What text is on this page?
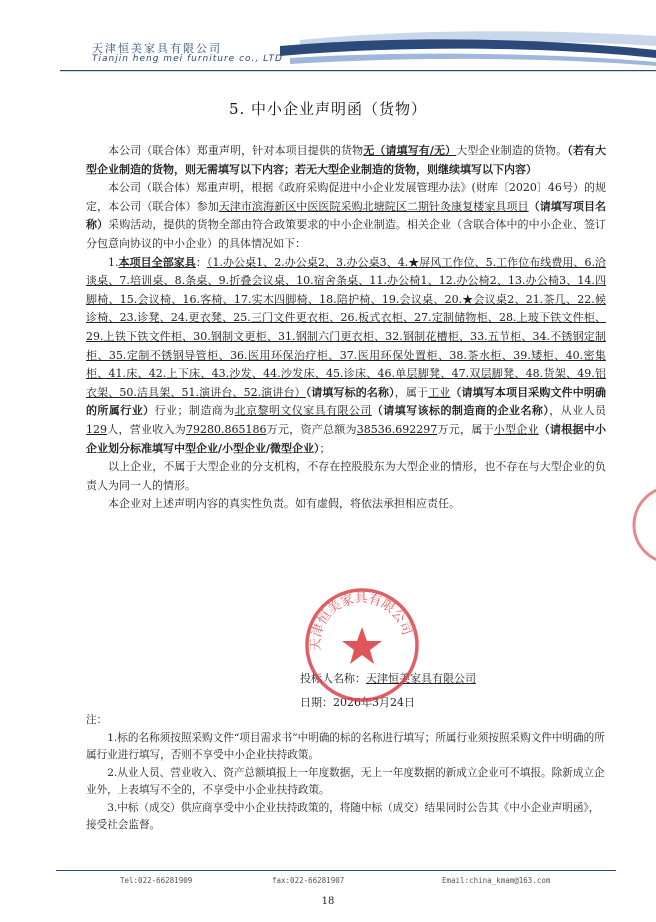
天津恒美家具有限公司
Tianjin heng mei furniture co., LTD
5. 中小企业声明函（货物）

本公司（联合体）郑重声明，针对本项目提供的货物无（请填写有/无）大型企业制造的货物。（若有大型企业制造的货物，则无需填写以下内容；若无大型企业制造的货物，则继续填写以下内容）

本公司（联合体）郑重声明，根据《政府采购促进中小企业发展管理办法》(财库〔2020〕46号）的规定，本公司（联合体）参加天津市滨海新区中医医院采购北塘院区二期针灸康复楼家具项目（请填写项目名称）采购活动，提供的货物全部由符合政策要求的中小企业制造。相关企业（含联合体中的中小企业、签订分包意向协议的中小企业）的具体情况如下：

1.本项目全部家具：（1.办公桌1、2.办公桌2、3.办公桌3、4.★屏风工作位、5.工作位布线费用、6.洽谈桌、7.培训桌、8.条桌、9.折叠会议桌、10.宿舍条桌、11.办公椅1、12.办公椅2、13.办公椅3、14.四脚椅、15.会议椅、16.客椅、17.实木四脚椅、18.陪护椅、19.会议桌、20.★会议桌2、21.茶几、22.候诊椅、23.诊凳、24.更衣凳、25.三门文件更衣柜、26.板式衣柜、27.定制储物柜、28.上玻下铁文件柜、29.上铁下铁文件柜、30.钢制文更柜、31.钢制六门更衣柜、32.钢制花槽柜、33.五节柜、34.不锈钢定制柜、35.定制不锈钢导管柜、36.医用环保治疗柜、37.医用环保处置柜、38.茶水柜、39.矮柜、40.密集柜、41.床、42.上下床、43.沙发、44.沙发床、45.诊床、46.单层脚凳、47.双层脚凳、48.货架、49.铝衣架、50.洁具架、51.演讲台、52.演讲台）（请填写标的名称），属于工业（请填写本项目采购文件中明确的所属行业）行业；制造商为北京黎明文仪家具有限公司（请填写该标的制造商的企业名称），从业人员129人，营业收入为79280.865186万元，资产总额为38536.692297万元，属于小型企业（请根据中小企业划分标准填写中型企业/小型企业/微型企业）；

以上企业，不属于大型企业的分支机构，不存在控股股东为大型企业的情形，也不存在与大型企业的负责人为同一人的情形。

本企业对上述声明内容的真实性负责。如有虚假，将依法承担相应责任。

投标人名称：天津恒美家具有限公司
日期：2026年3月24日
天津恒美家具有限公司

注：

1.标的名称须按照采购文件“项目需求书”中明确的标的名称进行填写；所属行业须按照采购文件中明确的所属行业进行填写，否则不享受中小企业扶持政策。

2.从业人员、营业收入、资产总额填报上一年度数据，无上一年度数据的新成立企业可不填报。除新成立企业外，上表填写不全的，不享受中小企业扶持政策。

3.中标（成交）供应商享受中小企业扶持政策的，将随中标（成交）结果同时公告其《中小企业声明函》，接受社会监督。

Tel:022-66281909	fax:022-66281907	Email:china_kmam@163.com
18
